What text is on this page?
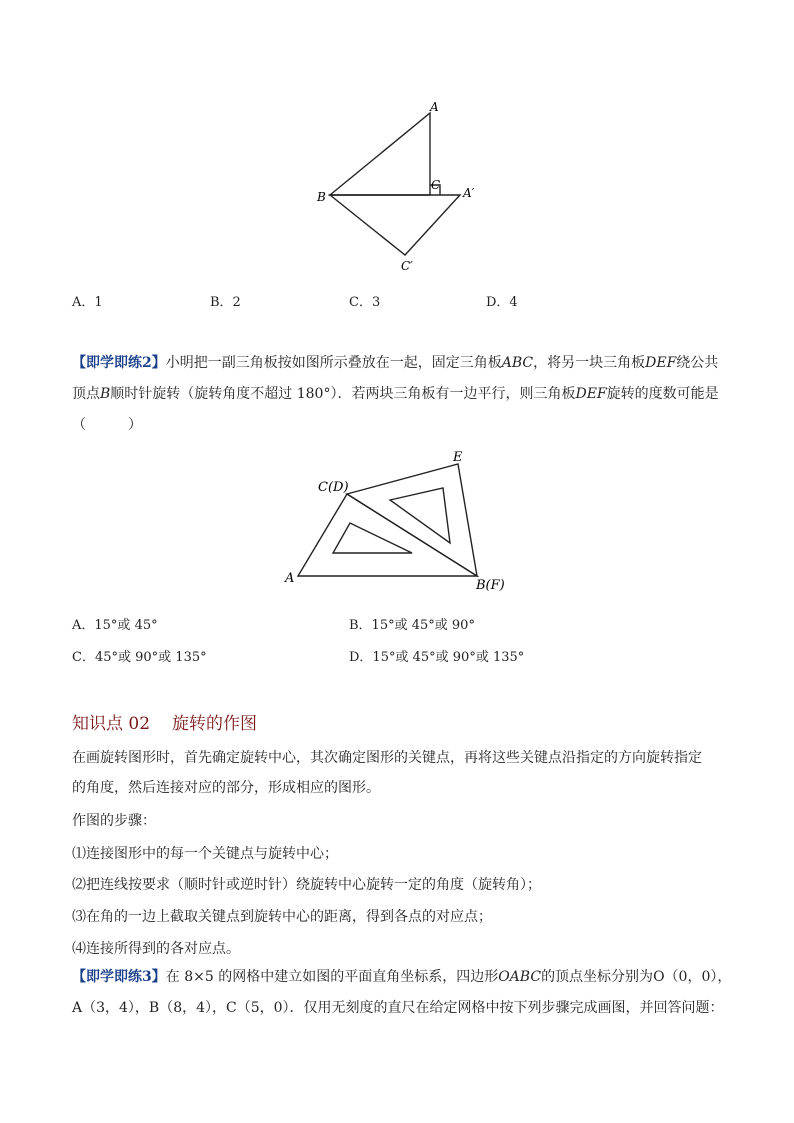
A
B
C
A′
C′
A．1	B．2	C．3	D．4
【即学即练2】小明把一副三角板按如图所示叠放在一起，固定三角板ABC，将另一块三角板DEF绕公共
顶点B顺时针旋转（旋转角度不超过 180°）．若两块三角板有一边平行，则三角板DEF旋转的度数可能是
（　　　）
C(D)
E
A	B(F)
A．15°或 45°	B．15°或 45°或 90°
C．45°或 90°或 135°	D．15°或 45°或 90°或 135°
知识点 02 旋转的作图
在画旋转图形时，首先确定旋转中心，其次确定图形的关键点，再将这些关键点沿指定的方向旋转指定
的角度，然后连接对应的部分，形成相应的图形。
作图的步骤：
⑴连接图形中的每一个关键点与旋转中心；
⑵把连线按要求（顺时针或逆时针）绕旋转中心旋转一定的角度（旋转角）；
⑶在角的一边上截取关键点到旋转中心的距离，得到各点的对应点；
⑷连接所得到的各对应点。
【即学即练3】在 8×5 的网格中建立如图的平面直角坐标系，四边形OABC的顶点坐标分别为O（0，0），
A（3，4），B（8，4），C（5，0）．仅用无刻度的直尺在给定网格中按下列步骤完成画图，并回答问题：
